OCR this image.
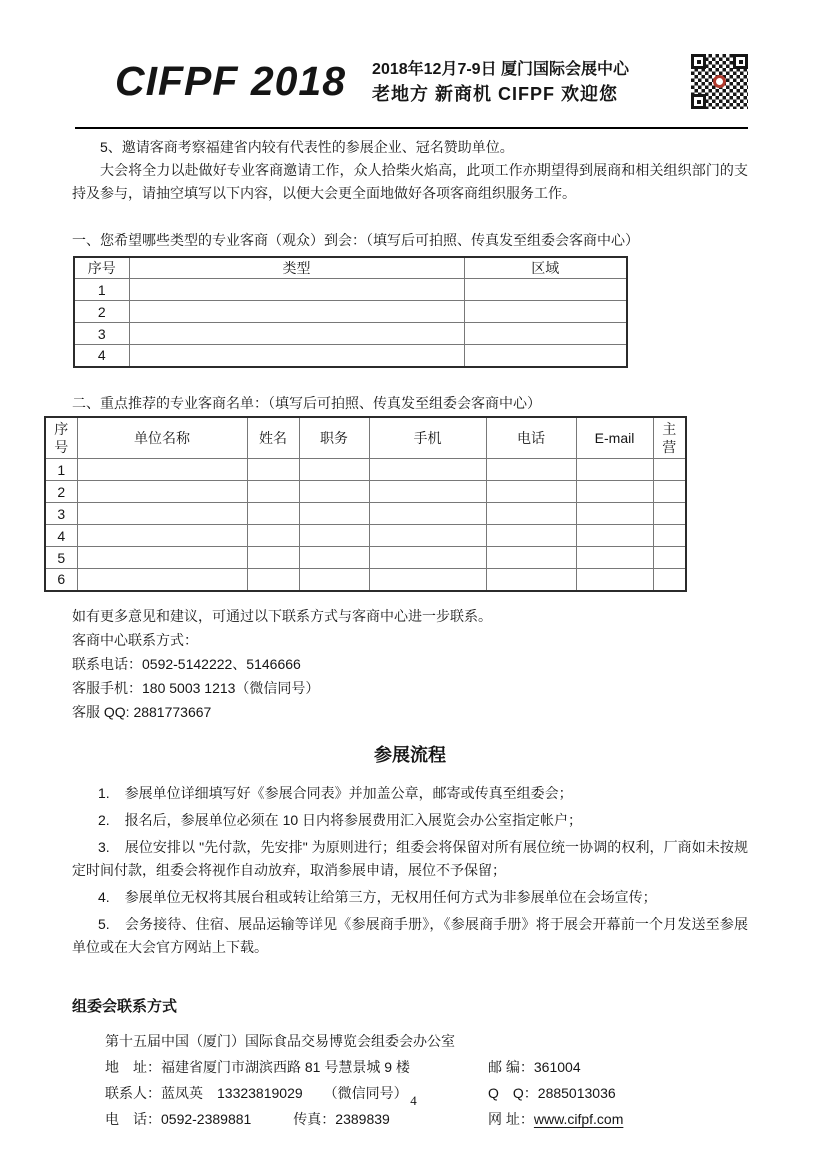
CIFPF 2018 2018年12月7-9日 厦门国际会展中心
老地方 新商机 CIFPF 欢迎您

5、邀请客商考察福建省内较有代表性的参展企业、冠名赞助单位。

大会将全力以赴做好专业客商邀请工作，众人拾柴火焰高，此项工作亦期望得到展商和相关组织部门的支持及参与，请抽空填写以下内容，以便大会更全面地做好各项客商组织服务工作。

一、您希望哪些类型的专业客商（观众）到会：（填写后可拍照、传真发至组委会客商中心）

序号	类型	区域
1		
2		
3		
4		

二、重点推荐的专业客商名单：（填写后可拍照、传真发至组委会客商中心）

序号	单位名称	姓名	职务	手机	电话	E-mail	主营
1							
2							
3							
4							
5							
6							

如有更多意见和建议，可通过以下联系方式与客商中心进一步联系。

客商中心联系方式：

联系电话：0592-5142222、5146666

客服手机：180 5003 1213（微信同号）

客服 QQ: 2881773667

参展流程

1. 参展单位详细填写好《参展合同表》并加盖公章，邮寄或传真至组委会；

2. 报名后，参展单位必须在 10 日内将参展费用汇入展览会办公室指定帐户；

3. 展位安排以 "先付款，先安排" 为原则进行；组委会将保留对所有展位统一协调的权利，厂商如未按规定时间付款，组委会将视作自动放弃，取消参展申请，展位不予保留；

4. 参展单位无权将其展台租或转让给第三方，无权用任何方式为非参展单位在会场宣传；

5. 会务接待、住宿、展品运输等详见《参展商手册》，《参展商手册》将于展会开幕前一个月发送至参展单位或在大会官方网站上下载。

组委会联系方式

第十五届中国（厦门）国际食品交易博览会组委会办公室

地　址：福建省厦门市湖滨西路 81 号慧景城 9 楼	邮 编：361004
联系人：蓝凤英　13323819029　　（微信同号）	Q　Q：2885013036
电　话：0592-2389881　　　传真：2389839	网 址：www.cifpf.com
4
